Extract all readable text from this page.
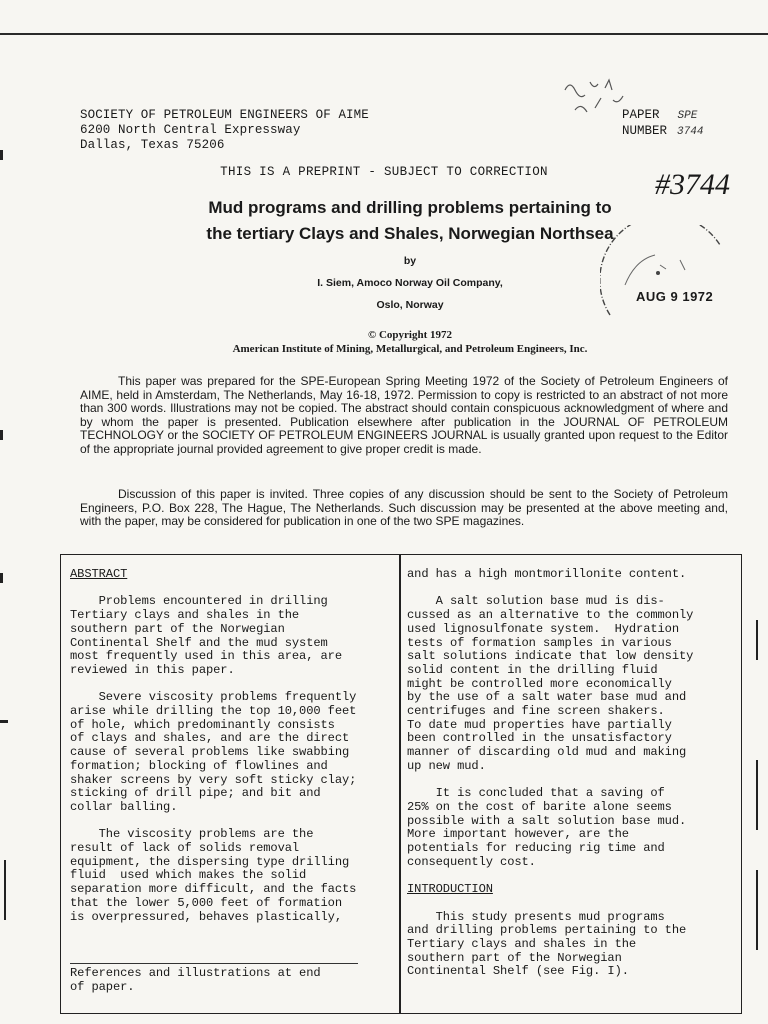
SOCIETY OF PETROLEUM ENGINEERS OF AIME
6200 North Central Expressway
Dallas, Texas 75206
PAPER SPE
NUMBER 3744
THIS IS A PREPRINT - SUBJECT TO CORRECTION	#3744
Mud programs and drilling problems pertaining to
the tertiary Clays and Shales, Norwegian Northsea
by
I. Siem, Amoco Norway Oil Company,
Oslo, Norway
AUG 9 1972
© Copyright 1972
American Institute of Mining, Metallurgical, and Petroleum Engineers, Inc.

This paper was prepared for the SPE-European Spring Meeting 1972 of the Society of Petroleum Engineers of AIME, held in Amsterdam, The Netherlands, May 16-18, 1972. Permission to copy is restricted to an abstract of not more than 300 words. Illustrations may not be copied. The abstract should contain conspicuous acknowledgment of where and by whom the paper is presented. Publication elsewhere after publication in the JOURNAL OF PETROLEUM TECHNOLOGY or the SOCIETY OF PETROLEUM ENGINEERS JOURNAL is usually granted upon request to the Editor of the appropriate journal provided agreement to give proper credit is made.

Discussion of this paper is invited. Three copies of any discussion should be sent to the Society of Petroleum Engineers, P.O. Box 228, The Hague, The Netherlands. Such discussion may be presented at the above meeting and, with the paper, may be considered for publication in one of the two SPE magazines.

ABSTRACT

Problems encountered in drilling
Tertiary clays and shales in the
southern part of the Norwegian
Continental Shelf and the mud system
most frequently used in this area, are
reviewed in this paper.

Severe viscosity problems frequently
arise while drilling the top 10,000 feet
of hole, which predominantly consists
of clays and shales, and are the direct
cause of several problems like swabbing
formation; blocking of flowlines and
shaker screens by very soft sticky clay;
sticking of drill pipe; and bit and
collar balling.

The viscosity problems are the
result of lack of solids removal
equipment, the dispersing type drilling
fluid  used which makes the solid
separation more difficult, and the facts
that the lower 5,000 feet of formation
is overpressured, behaves plastically,
References and illustrations at end
of paper.
and has a high montmorillonite content.

A salt solution base mud is dis-
cussed as an alternative to the commonly
used lignosulfonate system.  Hydration
tests of formation samples in various
salt solutions indicate that low density
solid content in the drilling fluid
might be controlled more economically
by the use of a salt water base mud and
centrifuges and fine screen shakers.
To date mud properties have partially
been controlled in the unsatisfactory
manner of discarding old mud and making
up new mud.

It is concluded that a saving of
25% on the cost of barite alone seems
possible with a salt solution base mud.
More important however, are the
potentials for reducing rig time and
consequently cost.

INTRODUCTION

This study presents mud programs
and drilling problems pertaining to the
Tertiary clays and shales in the
southern part of the Norwegian
Continental Shelf (see Fig. I).
